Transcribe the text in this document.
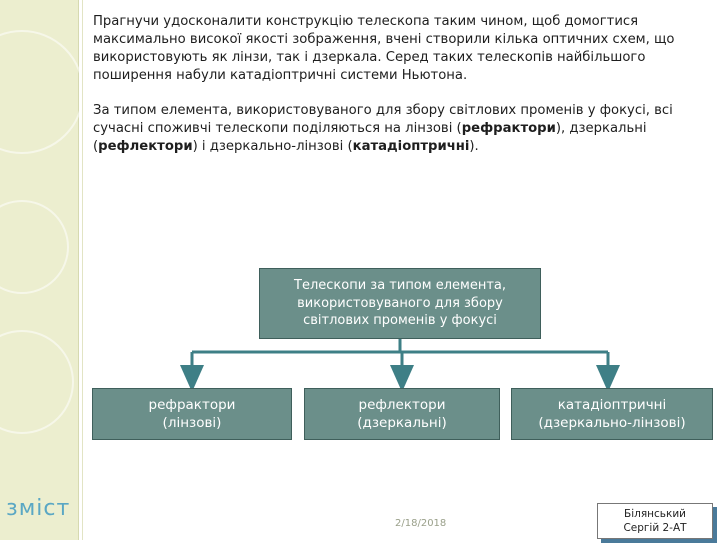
Прагнучи удосконалити конструкцію телескопа таким чином, щоб домогтися максимально високої якості зображення, вчені створили кілька оптичних схем, що використовують як лінзи, так і дзеркала. Серед таких телескопів найбільшого поширення набули катадіоптричні системи Ньютона.

За типом елемента, використовуваного для збору світлових променів у фокусі, всі сучасні споживчі телескопи поділяються на лінзові (рефрактори), дзеркальні (рефлектори) і дзеркально-лінзові (катадіоптричні).

Телескопи за типом елемента, використовуваного для збору світлових променів у фокусі
рефрактори
(лінзові)
рефлектори
(дзеркальні)
катадіоптричні
(дзеркально-лінзові)
зміст
2/18/2018
Білянський
Сергій 2-АТ
